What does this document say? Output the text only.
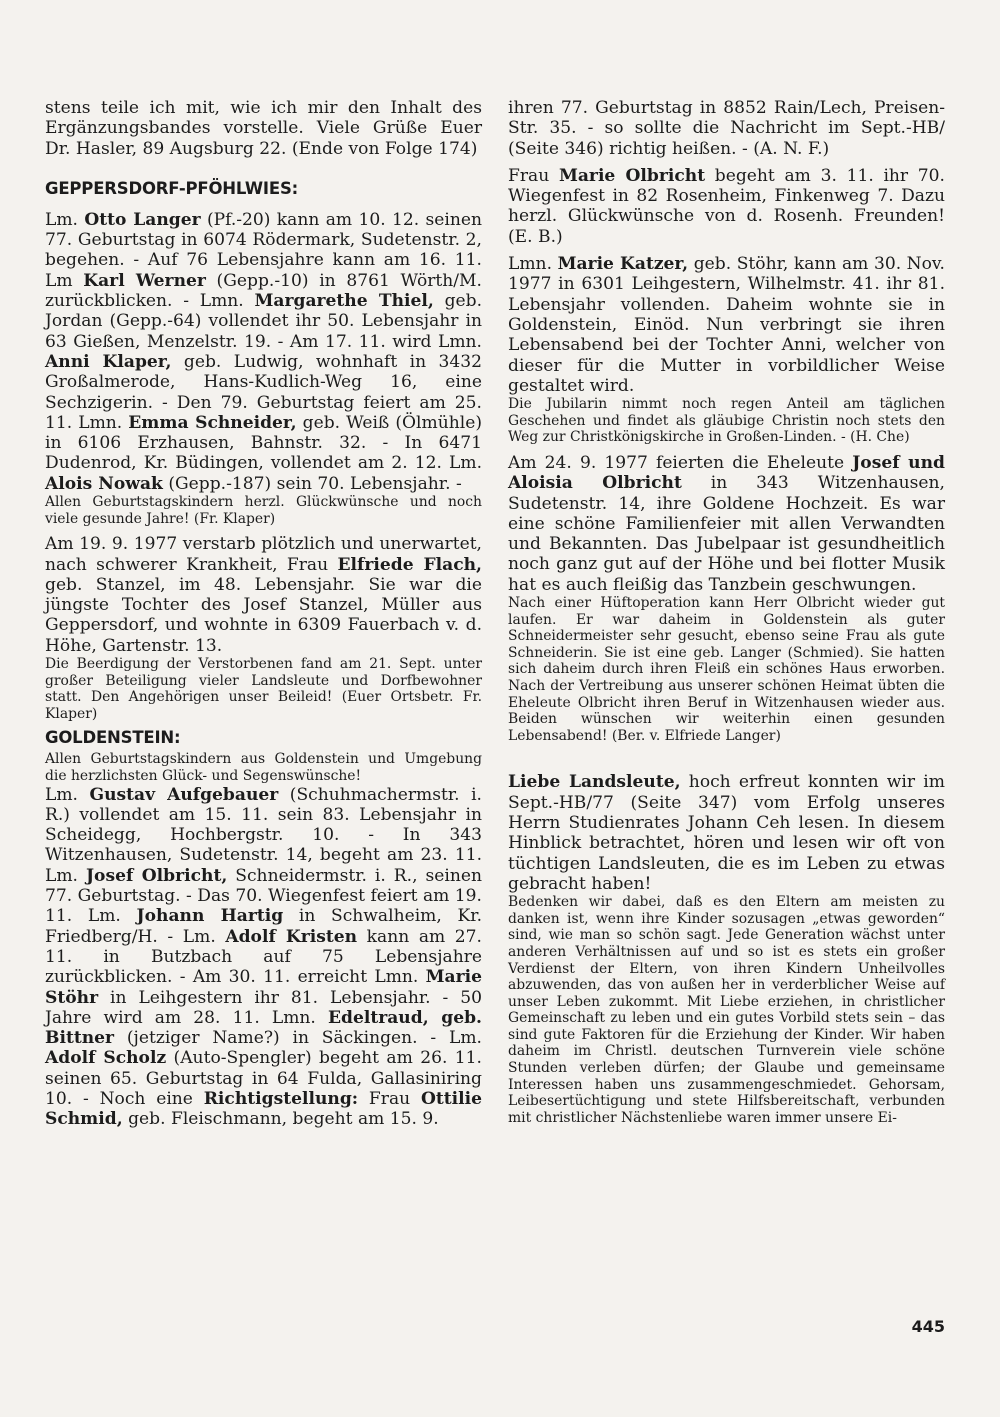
stens teile ich mit, wie ich mir den Inhalt des Ergänzungsbandes vorstelle. Viele Grüße Euer Dr. Hasler, 89 Augsburg 22. (Ende von Folge 174)

GEPPERSDORF-PFÖHLWIES:

Lm. Otto Langer (Pf.-20) kann am 10. 12. seinen 77. Geburtstag in 6074 Rödermark, Sudetenstr. 2, begehen. - Auf 76 Lebensjahre kann am 16. 11. Lm Karl Werner (Gepp.-10) in 8761 Wörth/M. zurückblicken. - Lmn. Margarethe Thiel, geb. Jordan (Gepp.-64) vollendet ihr 50. Lebensjahr in 63 Gießen, Menzelstr. 19. - Am 17. 11. wird Lmn. Anni Klaper, geb. Ludwig, wohnhaft in 3432 Großalmerode, Hans-Kudlich-Weg 16, eine Sechzigerin. - Den 79. Geburtstag feiert am 25. 11. Lmn. Emma Schneider, geb. Weiß (Ölmühle) in 6106 Erzhausen, Bahnstr. 32. - In 6471 Dudenrod, Kr. Büdingen, vollendet am 2. 12. Lm. Alois Nowak (Gepp.-187) sein 70. Lebensjahr. -

Allen Geburtstagskindern herzl. Glückwünsche und noch viele gesunde Jahre! (Fr. Klaper)

Am 19. 9. 1977 verstarb plötzlich und unerwartet, nach schwerer Krankheit, Frau Elfriede Flach, geb. Stanzel, im 48. Lebensjahr. Sie war die jüngste Tochter des Josef Stanzel, Müller aus Geppersdorf, und wohnte in 6309 Fauerbach v. d. Höhe, Gartenstr. 13.

Die Beerdigung der Verstorbenen fand am 21. Sept. unter großer Beteiligung vieler Landsleute und Dorfbewohner statt. Den Angehörigen unser Beileid! (Euer Ortsbetr. Fr. Klaper)

GOLDENSTEIN:

Allen Geburtstagskindern aus Goldenstein und Umgebung die herzlichsten Glück- und Segenswünsche!

Lm. Gustav Aufgebauer (Schuhmachermstr. i. R.) vollendet am 15. 11. sein 83. Lebensjahr in Scheidegg, Hochbergstr. 10. - In 343 Witzenhausen, Sudetenstr. 14, begeht am 23. 11. Lm. Josef Olbricht, Schneidermstr. i. R., seinen 77. Geburtstag. - Das 70. Wiegenfest feiert am 19. 11. Lm. Johann Hartig in Schwalheim, Kr. Friedberg/H. - Lm. Adolf Kristen kann am 27. 11. in Butzbach auf 75 Lebensjahre zurückblicken. - Am 30. 11. erreicht Lmn. Marie Stöhr in Leihgestern ihr 81. Lebensjahr. - 50 Jahre wird am 28. 11. Lmn. Edeltraud, geb. Bittner (jetziger Name?) in Säckingen. - Lm. Adolf Scholz (Auto-Spengler) begeht am 26. 11. seinen 65. Geburtstag in 64 Fulda, Gallasiniring 10. - Noch eine Richtigstellung: Frau Ottilie Schmid, geb. Fleischmann, begeht am 15. 9.

ihren 77. Geburtstag in 8852 Rain/Lech, Preisen-Str. 35. - so sollte die Nachricht im Sept.-HB/ (Seite 346) richtig heißen. - (A. N. F.)

Frau Marie Olbricht begeht am 3. 11. ihr 70. Wiegenfest in 82 Rosenheim, Finkenweg 7. Dazu herzl. Glückwünsche von d. Rosenh. Freunden! (E. B.)

Lmn. Marie Katzer, geb. Stöhr, kann am 30. Nov. 1977 in 6301 Leihgestern, Wilhelmstr. 41. ihr 81. Lebensjahr vollenden. Daheim wohnte sie in Goldenstein, Einöd. Nun verbringt sie ihren Lebensabend bei der Tochter Anni, welcher von dieser für die Mutter in vorbildlicher Weise gestaltet wird.

Die Jubilarin nimmt noch regen Anteil am täglichen Geschehen und findet als gläubige Christin noch stets den Weg zur Christkönigskirche in Großen-Linden. - (H. Che)

Am 24. 9. 1977 feierten die Eheleute Josef und Aloisia Olbricht in 343 Witzenhausen, Sudetenstr. 14, ihre Goldene Hochzeit. Es war eine schöne Familienfeier mit allen Verwandten und Bekannten. Das Jubelpaar ist gesundheitlich noch ganz gut auf der Höhe und bei flotter Musik hat es auch fleißig das Tanzbein geschwungen.

Nach einer Hüftoperation kann Herr Olbricht wieder gut laufen. Er war daheim in Goldenstein als guter Schneidermeister sehr gesucht, ebenso seine Frau als gute Schneiderin. Sie ist eine geb. Langer (Schmied). Sie hatten sich daheim durch ihren Fleiß ein schönes Haus erworben. Nach der Vertreibung aus unserer schönen Heimat übten die Eheleute Olbricht ihren Beruf in Witzenhausen wieder aus. Beiden wünschen wir weiterhin einen gesunden Lebensabend! (Ber. v. Elfriede Langer)

Liebe Landsleute, hoch erfreut konnten wir im Sept.-HB/77 (Seite 347) vom Erfolg unseres Herrn Studienrates Johann Ceh lesen. In diesem Hinblick betrachtet, hören und lesen wir oft von tüchtigen Landsleuten, die es im Leben zu etwas gebracht haben!

Bedenken wir dabei, daß es den Eltern am meisten zu danken ist, wenn ihre Kinder sozusagen „etwas geworden“ sind, wie man so schön sagt. Jede Generation wächst unter anderen Verhältnissen auf und so ist es stets ein großer Verdienst der Eltern, von ihren Kindern Unheilvolles abzuwenden, das von außen her in verderblicher Weise auf unser Leben zukommt. Mit Liebe erziehen, in christlicher Gemeinschaft zu leben und ein gutes Vorbild stets sein – das sind gute Faktoren für die Erziehung der Kinder. Wir haben daheim im Christl. deutschen Turnverein viele schöne Stunden verleben dürfen; der Glaube und gemeinsame Interessen haben uns zusammengeschmiedet. Gehorsam, Leibesertüchtigung und stete Hilfsbereitschaft, verbunden mit christlicher Nächstenliebe waren immer unsere Ei-

445
